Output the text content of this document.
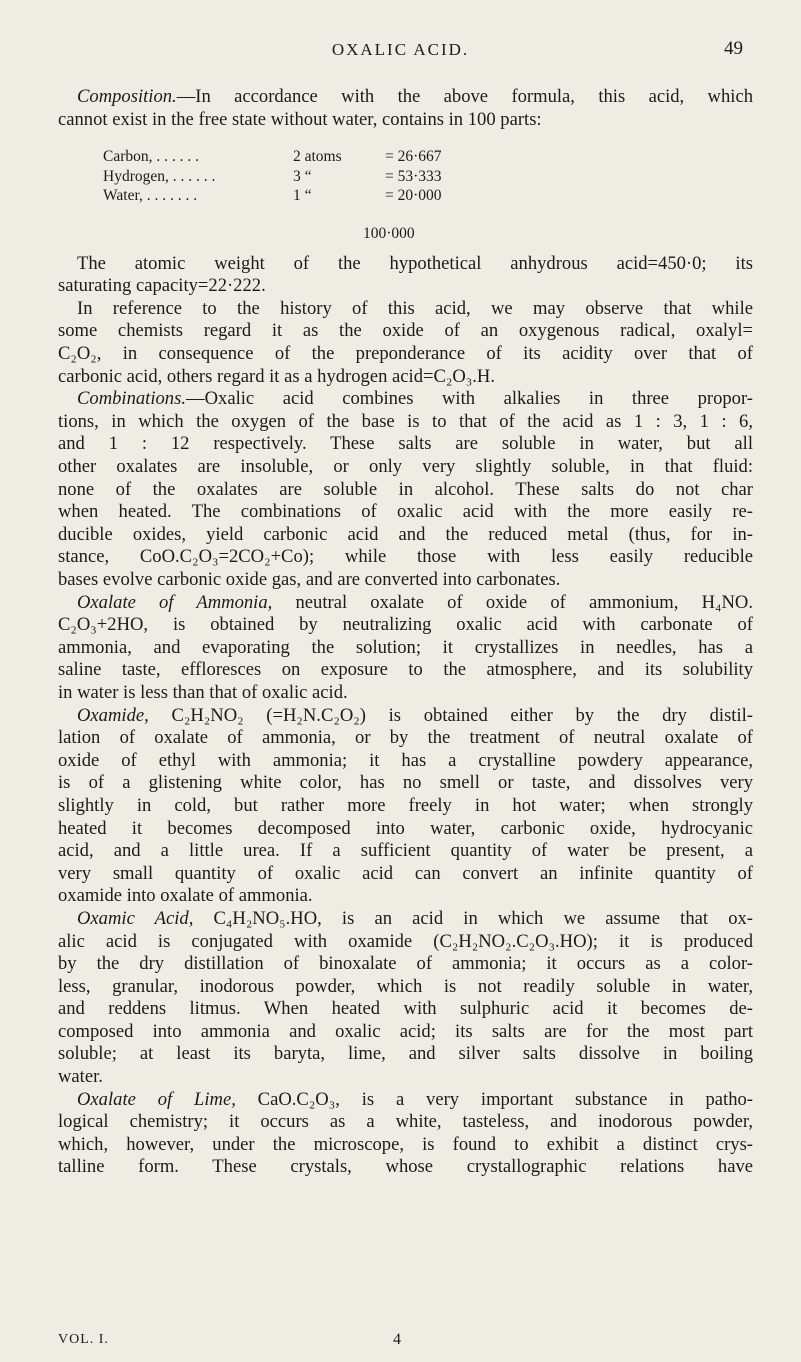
OXALIC ACID.	49
Composition.—In accordance with the above formula, this acid, which
cannot exist in the free state without water, contains in 100 parts:
Carbon, . . . . . .	2 atoms	= 26·667
Hydrogen, . . . . . .	3 “	= 53·333
Water, . . . . . . .	1 “	= 20·000
100·000
The atomic weight of the hypothetical anhydrous acid=450·0; its
saturating capacity=22·222.
In reference to the history of this acid, we may observe that while
some chemists regard it as the oxide of an oxygenous radical, oxalyl=
C₂O₂, in consequence of the preponderance of its acidity over that of
carbonic acid, others regard it as a hydrogen acid=C₂O₃.H.
Combinations.—Oxalic acid combines with alkalies in three propor-
tions, in which the oxygen of the base is to that of the acid as 1 : 3, 1 : 6,
and 1 : 12 respectively. These salts are soluble in water, but all
other oxalates are insoluble, or only very slightly soluble, in that fluid:
none of the oxalates are soluble in alcohol. These salts do not char
when heated. The combinations of oxalic acid with the more easily re-
ducible oxides, yield carbonic acid and the reduced metal (thus, for in-
stance, CoO.C₂O₃=2CO₂+Co); while those with less easily reducible
bases evolve carbonic oxide gas, and are converted into carbonates.
Oxalate of Ammonia, neutral oxalate of oxide of ammonium, H₄NO.
C₂O₃+2HO, is obtained by neutralizing oxalic acid with carbonate of
ammonia, and evaporating the solution; it crystallizes in needles, has a
saline taste, effloresces on exposure to the atmosphere, and its solubility
in water is less than that of oxalic acid.
Oxamide, C₂H₂NO₂ (=H₂N.C₂O₂) is obtained either by the dry distil-
lation of oxalate of ammonia, or by the treatment of neutral oxalate of
oxide of ethyl with ammonia; it has a crystalline powdery appearance,
is of a glistening white color, has no smell or taste, and dissolves very
slightly in cold, but rather more freely in hot water; when strongly
heated it becomes decomposed into water, carbonic oxide, hydrocyanic
acid, and a little urea. If a sufficient quantity of water be present, a
very small quantity of oxalic acid can convert an infinite quantity of
oxamide into oxalate of ammonia.
Oxamic Acid, C₄H₂NO₅.HO, is an acid in which we assume that ox-
alic acid is conjugated with oxamide (C₂H₂NO₂.C₂O₃.HO); it is produced
by the dry distillation of binoxalate of ammonia; it occurs as a color-
less, granular, inodorous powder, which is not readily soluble in water,
and reddens litmus. When heated with sulphuric acid it becomes de-
composed into ammonia and oxalic acid; its salts are for the most part
soluble; at least its baryta, lime, and silver salts dissolve in boiling
water.
Oxalate of Lime, CaO.C₂O₃, is a very important substance in patho-
logical chemistry; it occurs as a white, tasteless, and inodorous powder,
which, however, under the microscope, is found to exhibit a distinct crys-
talline form. These crystals, whose crystallographic relations have
VOL. I.	4
